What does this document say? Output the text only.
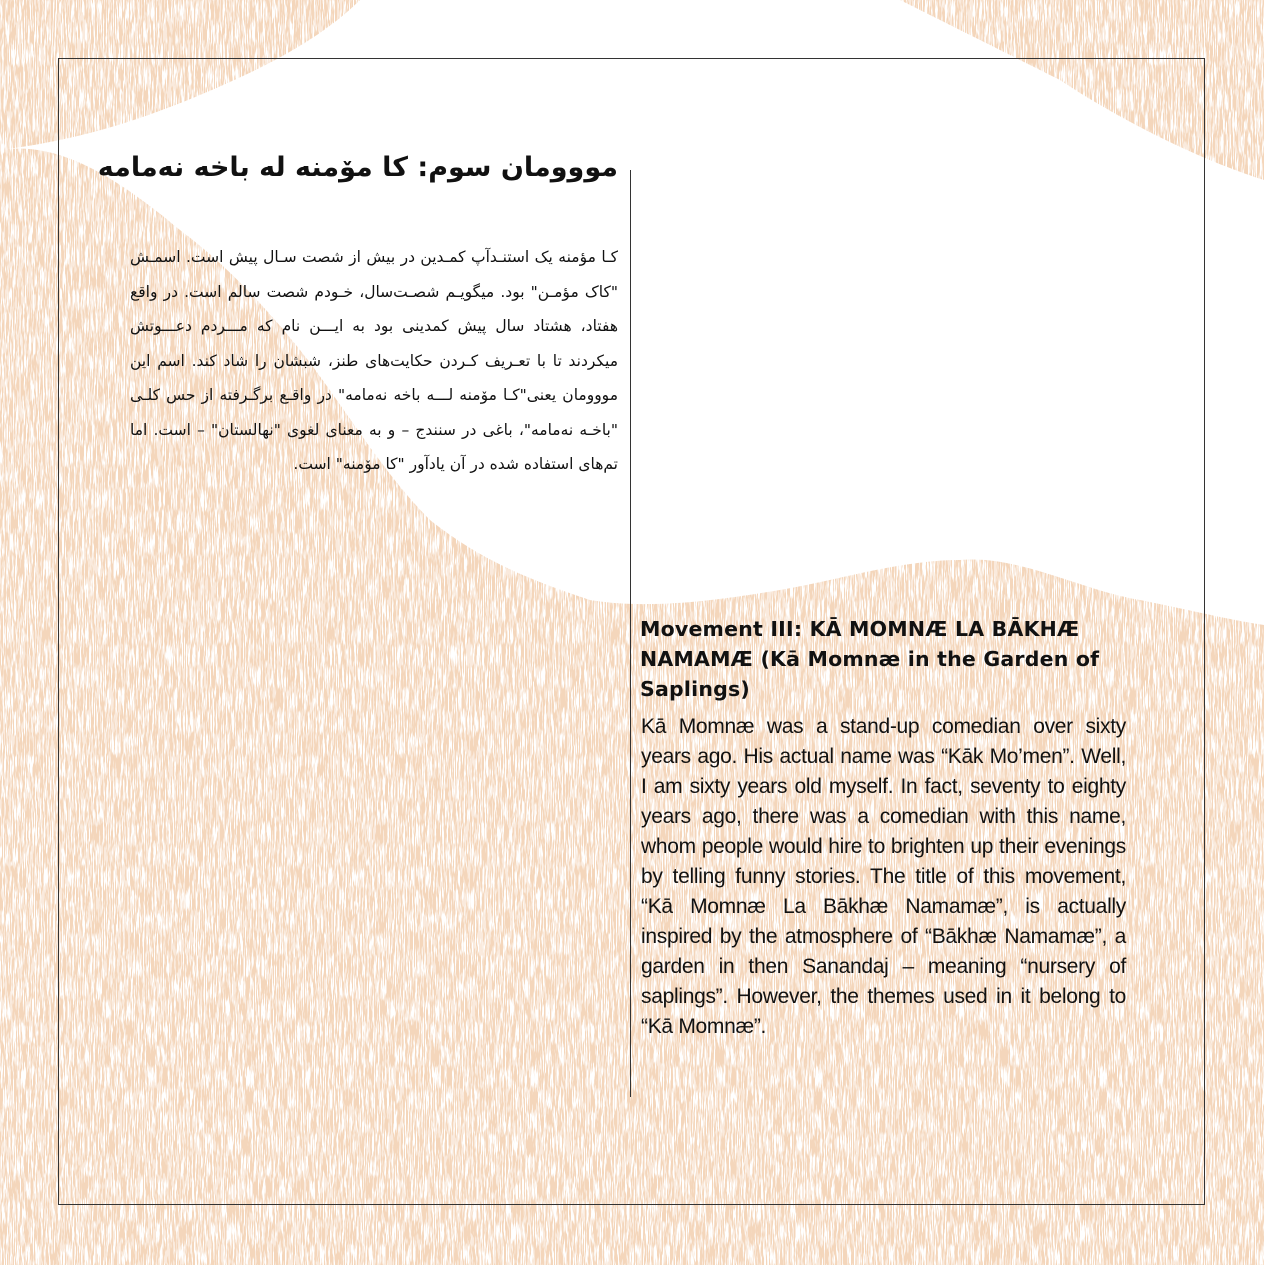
مووومان سوم: کا مۆمنه له باخه نه‌مامه
کـا مؤمنه یک استنـدآپ کمـدین در بیش از شصت سـال پیش است. اسمـش "کاک مؤمـن" بود. میگویـم شصـت‌سال، خـودم شصت سالم است. در واقع هفتاد، هشتاد سال پیش کمدینی بود به ایـــن نام که مـــردم دعـــوتش میکردند تا با تعـریف کـردن حکایت‌های طنز، شبشان را شاد کند. اسم این مووومان یعنی"کـا مۆمنه لـــه باخه نه‌مامه" در واقـع برگـرفته از حس کلـی "باخـه نه‌مامه"، باغی در سنندج – و به معنای لغوی "نهالستان" – است. اما تم‌های استفاده شده در آن یادآور "کا مۆمنه" است.
Movement III: KĀ MOMNÆ LA BĀKHÆ NAMAMÆ (Kā Momnæ in the Garden of Saplings)
Kā Momnæ was a stand-up comedian over sixty years ago. His actual name was “Kāk Mo’men”. Well, I am sixty years old myself. In fact, seventy to eighty years ago, there was a comedian with this name, whom people would hire to brighten up their evenings by telling funny stories. The title of this movement, “Kā Momnæ La Bākhæ Namamæ”, is actually inspired by the atmosphere of “Bākhæ Namamæ”, a garden in then Sanandaj – meaning “nursery of saplings”. However, the themes used in it belong to “Kā Momnæ”.
